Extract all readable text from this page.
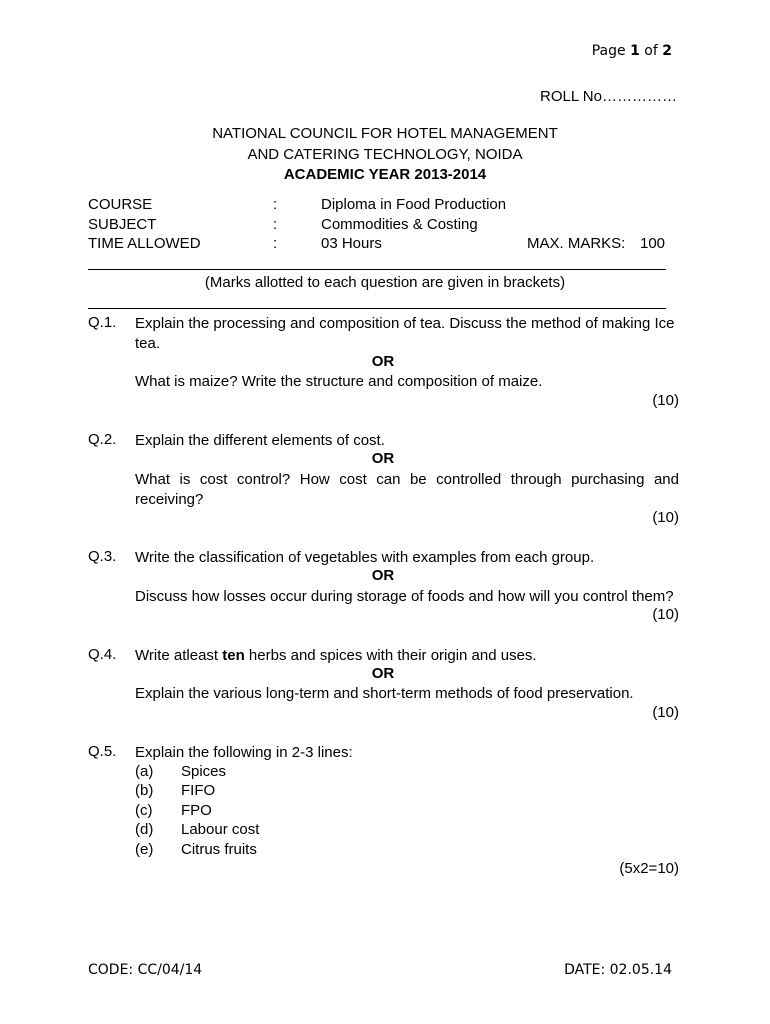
Page 1 of 2
ROLL No……………
NATIONAL COUNCIL FOR HOTEL MANAGEMENT
AND CATERING TECHNOLOGY, NOIDA
ACADEMIC YEAR 2013-2014
COURSE	:	Diploma in Food Production
SUBJECT	:	Commodities & Costing
TIME ALLOWED	:	03 Hours	MAX. MARKS: 100
(Marks allotted to each question are given in brackets)
Q.1. Explain the processing and composition of tea. Discuss the method of making Ice tea.
OR
What is maize? Write the structure and composition of maize.
(10)
Q.2. Explain the different elements of cost.
OR
What is cost control? How cost can be controlled through purchasing and receiving?
(10)
Q.3. Write the classification of vegetables with examples from each group.
OR
Discuss how losses occur during storage of foods and how will you control them?
(10)
Q.4. Write atleast ten herbs and spices with their origin and uses.
OR
Explain the various long-term and short-term methods of food preservation.
(10)
Q.5. Explain the following in 2-3 lines:
(a) Spices
(b) FIFO
(c) FPO
(d) Labour cost
(e) Citrus fruits
(5x2=10)
CODE: CC/04/14	DATE: 02.05.14
